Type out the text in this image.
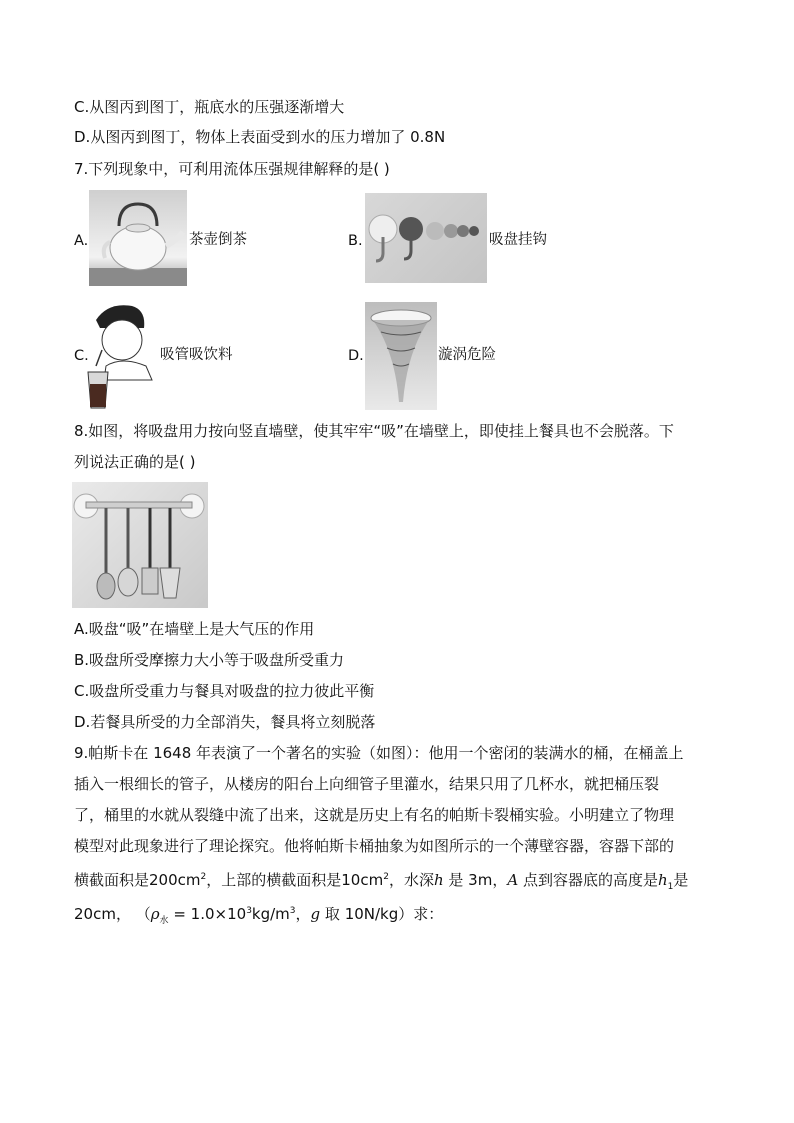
C.从图丙到图丁，瓶底水的压强逐渐增大
D.从图丙到图丁，物体上表面受到水的压力增加了 0.8N
7.下列现象中，可利用流体压强规律解释的是( )
A.	茶壶倒茶	B.	吸盘挂钩
C.	吸管吸饮料	D.	漩涡危险
8.如图，将吸盘用力按向竖直墙壁，使其牢牢“吸”在墙壁上，即使挂上餐具也不会脱落。下
列说法正确的是( )
A.吸盘“吸”在墙壁上是大气压的作用
B.吸盘所受摩擦力大小等于吸盘所受重力
C.吸盘所受重力与餐具对吸盘的拉力彼此平衡
D.若餐具所受的力全部消失，餐具将立刻脱落
9.帕斯卡在 1648 年表演了一个著名的实验（如图）：他用一个密闭的装满水的桶，在桶盖上
插入一根细长的管子，从楼房的阳台上向细管子里灌水，结果只用了几杯水，就把桶压裂
了，桶里的水就从裂缝中流了出来，这就是历史上有名的帕斯卡裂桶实验。小明建立了物理
模型对此现象进行了理论探究。他将帕斯卡桶抽象为如图所示的一个薄壁容器，容器下部的
横截面积是$200cm^2$，上部的横截面积是$10cm^2$，水深h 是 3m，A 点到容器底的高度是$h_1$是
20cm， （$\rho_水 = 1.0\times 10^3kg/m^3$，g 取 10N/kg）求：
